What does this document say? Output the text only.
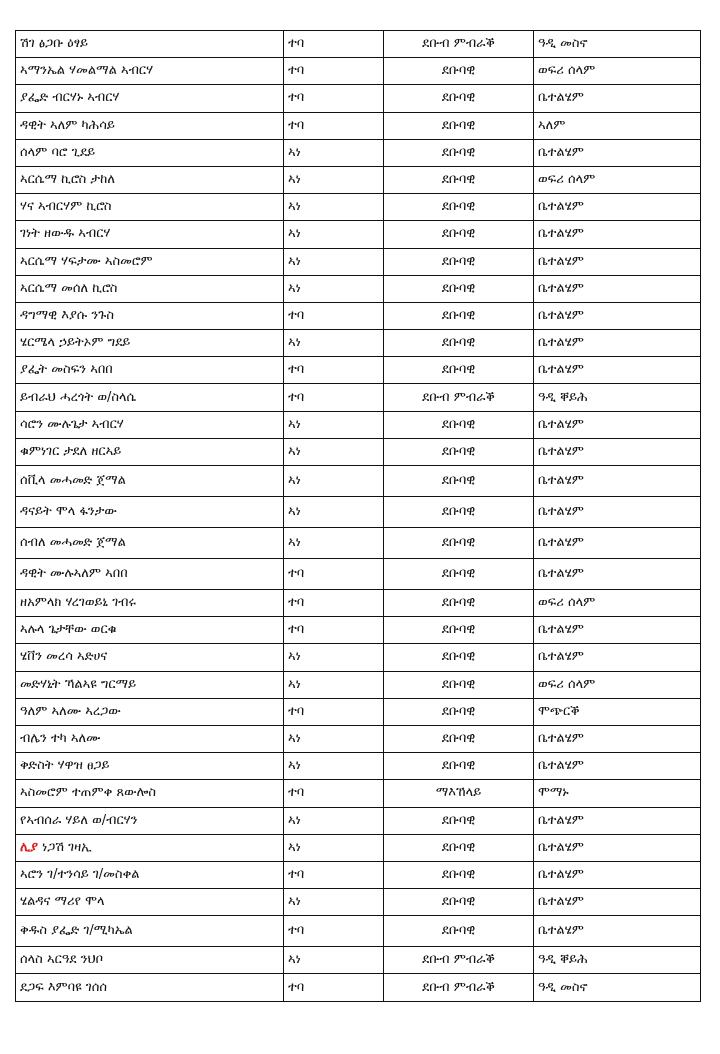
ሽገ ፅጋቡ ዕፃይ	ተባ	ደቡብ ምብራቕ	ዓዲ መስኖ
ኣማንኤል ሃመልማል ኣብርሃ	ተባ	ደቡባዊ	ወፍሪ ሰላም
ያፌድ ብርሃኑ ኣብርሃ	ተባ	ደቡባዊ	ቤተልሄም
ዳዊት ኣለም ካሕሳይ	ተባ	ደቡባዊ	ኣለም
ሰላም ባሮ ጊደይ	ኣነ	ደቡባዊ	ቤተልሄም
ኣርሴማ ኪሮስ ታከለ	ኣነ	ደቡባዊ	ወፍሪ ሰላም
ሃና ኣብርሃም ኪሮስ	ኣነ	ደቡባዊ	ቤተልሄም
ገነት ዘውዱ ኣብርሃ	ኣነ	ደቡባዊ	ቤተልሄም
ኣርሴማ ሃፍታሙ ኣስመሮም	ኣነ	ደቡባዊ	ቤተልሄም
ኣርሴማ መሰለ ኪሮስ	ኣነ	ደቡባዊ	ቤተልሄም
ዳግማዊ እያሱ ንጉስ	ተባ	ደቡባዊ	ቤተልሄም
ሄርሜላ ኃይትኦም ግደይ	ኣነ	ደቡባዊ	ቤተልሄም
ያፌት መስፍን ኣበበ	ተባ	ደቡባዊ	ቤተልሄም
ይብራህ ሓረጎት ወ/ስላሴ	ተባ	ደቡብ ምብራቕ	ዓዲ ቐይሕ
ሳሮን ሙሉጌታ ኣብርሃ	ኣነ	ደቡባዊ	ቤተልሄም
ቁምነገር ታደለ ዘርኣይ	ኣነ	ደቡባዊ	ቤተልሄም
ሰቪላ መሓመድ ጀማል	ኣነ	ደቡባዊ	ቤተልሄም
ዳናይት ሞላ ፋንታው	ኣነ	ደቡባዊ	ቤተልሄም
ሰብለ መሓመድ ጀማል	ኣነ	ደቡባዊ	ቤተልሄም
ዳዊት ሙሉኣለም ኣበበ	ተባ	ደቡባዊ	ቤተልሄም
ዘአምላክ ሃረገወይኒ ገብሩ	ተባ	ደቡባዊ	ወፍሪ ሰላም
ኣሉላ ጌታቸው ወርቁ	ተባ	ደቡባዊ	ቤተልሄም
ሄቨን መረሳ ኣድሀና	ኣነ	ደቡባዊ	ቤተልሄም
መድሃኒት ኻልኣዩ ግርማይ	ኣነ	ደቡባዊ	ወፍሪ ሰላም
ዓለም ኣለሙ ኣረጋው	ተባ	ደቡባዊ	ሞጭርቕ
ብሌን ተካ ኣለሙ	ኣነ	ደቡባዊ	ቤተልሄም
ቅድስት ሃዋዝ ፀጋይ	ኣነ	ደቡባዊ	ቤተልሄም
ኣስመሮም ተጠምቀ ጸውሎስ	ተባ	ማእኸላይ	ሞማኑ
የኣብሰራ ሃይለ ወ/ብርሃን	ኣነ	ደቡባዊ	ቤተልሄም
ሊያ ነጋሽ ገዛኢ	ኣነ	ደቡባዊ	ቤተልሄም
ኣሮን ገ/ተንሳይ ገ/መስቀል	ተባ	ደቡባዊ	ቤተልሄም
ሄልዳና ማሪየ ሞላ	ኣነ	ደቡባዊ	ቤተልሄም
ቅዱስ ያፌድ ገ/ሚካኤል	ተባ	ደቡባዊ	ቤተልሄም
ሰላስ ኣርዓደ ንህቦ	ኣነ	ደቡብ ምብራቕ	ዓዲ ቐይሕ
ደጋፍ እምባዩ ገሰሰ	ተባ	ደቡብ ምብራቕ	ዓዲ መስኖ
